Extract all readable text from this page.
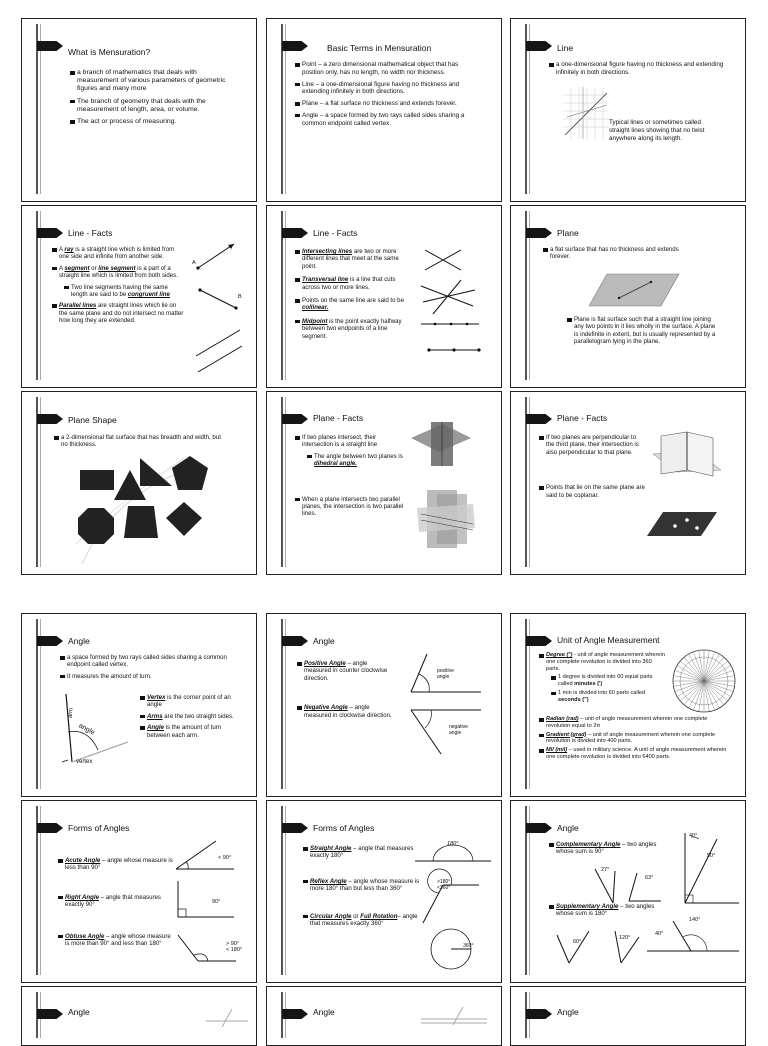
What is Mensuration?
a branch of mathematics that deals with measurement of various parameters of geometric figures and many more
The branch of geometry that deals with the measurement of length, area, or volume.
The act or process of measuring.
Basic Terms in Mensuration
Point – a zero dimensional mathematical object that has position only, has no length, no width nor thickness.
Line – a one-dimensional figure having no thickness and extending infinitely in both directions.
Plane – a flat surface no thickness and extends forever.
Angle – a space formed by two rays called sides sharing a common endpoint called vertex.
Line
a one-dimensional figure having no thickness and extending infinitely in both directions.
Typical lines or sometimes called straight lines showing that no twist anywhere along its length.
Line - Facts
A ray is a straight line which is limited from one side and infinite from another side.
A segment or line segment is a part of a straight line which is limited from both sides.
Two line segments having the same length are said to be congruent line
Parallel lines are straight lines which lie on the same plane and do not intersect no matter how long they are extended.
A
B
Line - Facts
Intersecting lines are two or more different lines that meet at the same point.
Transversal line is a line that cuts across two or more lines.
Points on the same line are said to be collinear.
Midpoint is the point exactly halfway between two endpoints of a line segment.
Plane
a flat surface that has no thickness and extends forever.
Plane is flat surface such that a straight line joining any two points in it lies wholly in the surface. A plane is indefinite in extent, but is usually represented by a parallelogram lying in the plane.
Plane Shape
a 2-dimensional flat surface that has breadth and width, but no thickness.
Plane - Facts
If two planes intersect, their intersection is a straight line
The angle between two planes is dihedral angle.
When a plane intersects two parallel planes, the intersection is two parallel lines.
Plane - Facts
If two planes are perpendicular to the third plane, their intersection is also perpendicular to that plane.
Points that lie on the same plane are said to be coplanar.
Angle
a space formed by two rays called sides sharing a common endpoint called vertex.
It measures the amount of turn.
arm
angle
vertex
Vertex is the corner point of an angle
Arms are the two straight sides.
Angle is the amount of turn between each arm.
Angle
Positive Angle – angle measured in counter clockwise direction.
Negative Angle – angle measured in clockwise direction.
positive angle
negative angle
Unit of Angle Measurement
Degree (°) - unit of angle measurement wherein one complete revolution is divided into 360 parts.
1 degree is divided into 60 equal parts called minutes (')
1 min is divided into 60 parts called seconds (")
Radian (rad) – unit of angle measurement wherein one complete revolution equal to 2π
Gradient (grad) – unit of angle measurement wherein one complete revolution is divided into 400 parts.
Mil (mil) – used in military science. A unit of angle measurement wherein one complete revolution is divided into 6400 parts.
Forms of Angles
Acute Angle – angle whose measure is less than 90°
Right Angle – angle that measures exactly 90°
Obtuse Angle – angle whose measure is more than 90° and less than 180°
< 90°
90°
> 90°
< 180°
Forms of Angles
Straight Angle – angle that measures exactly 180°
Reflex Angle – angle whose measure is more 180° than but less than 360°
Circular Angle or Full Rotation– angle that measures exactly 360°
180°
>180°
<360°
360°
Angle
Complementary Angle – two angles whose sum is 90°
Supplementary Angle – two angles whose sum is 180°
40°
50°
27°
63°
140°
40°
60°
120°
Angle	Angle	Angle
